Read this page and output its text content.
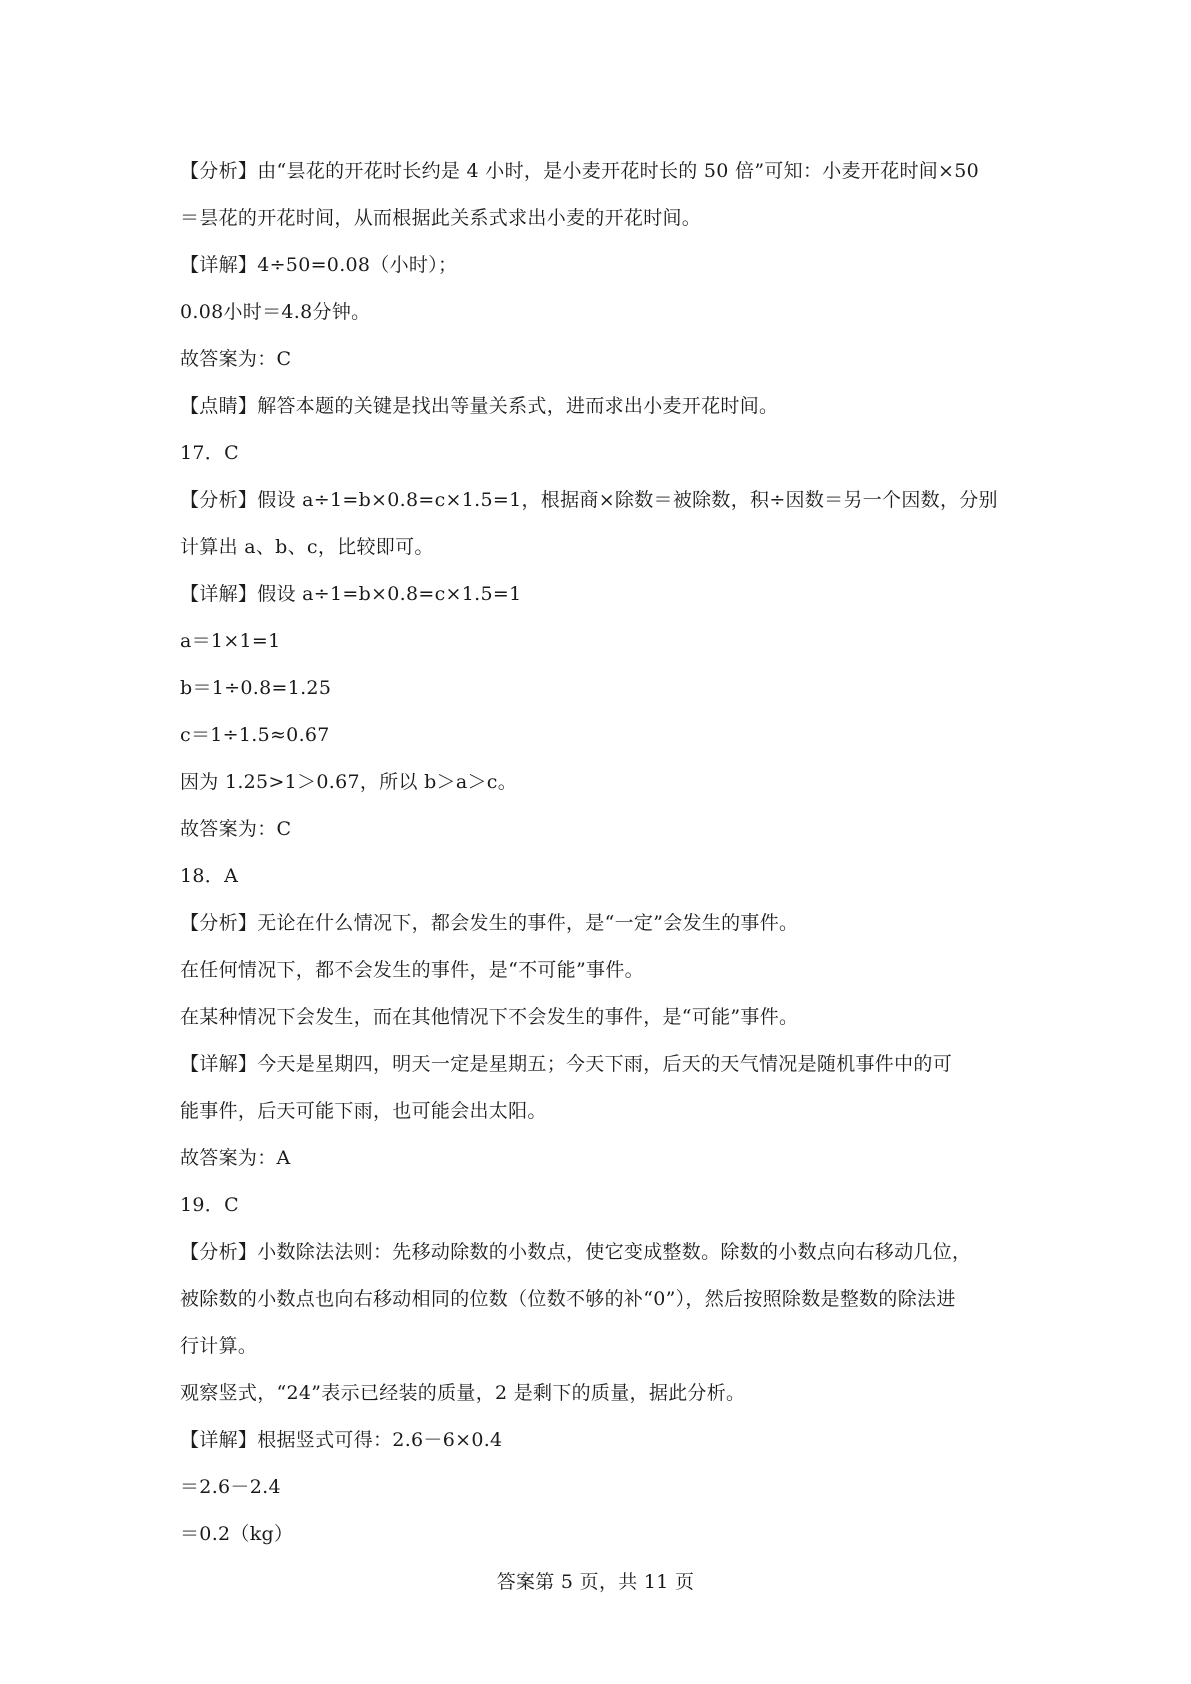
【分析】由“昙花的开花时长约是 4 小时，是小麦开花时长的 50 倍”可知：小麦开花时间×50
＝昙花的开花时间，从而根据此关系式求出小麦的开花时间。
【详解】4÷50=0.08（小时）；
0.08小时＝4.8分钟。
故答案为：C
【点睛】解答本题的关键是找出等量关系式，进而求出小麦开花时间。
17．C
【分析】假设 a÷1=b×0.8=c×1.5=1，根据商×除数＝被除数，积÷因数＝另一个因数，分别
计算出 a、b、c，比较即可。
【详解】假设 a÷1=b×0.8=c×1.5=1
a＝1×1=1
b＝1÷0.8=1.25
c＝1÷1.5≈0.67
因为 1.25>1＞0.67，所以 b＞a＞c。
故答案为：C
18．A
【分析】无论在什么情况下，都会发生的事件，是“一定”会发生的事件。
在任何情况下，都不会发生的事件，是“不可能”事件。
在某种情况下会发生，而在其他情况下不会发生的事件，是“可能”事件。
【详解】今天是星期四，明天一定是星期五；今天下雨，后天的天气情况是随机事件中的可
能事件，后天可能下雨，也可能会出太阳。
故答案为：A
19．C
【分析】小数除法法则：先移动除数的小数点，使它变成整数。除数的小数点向右移动几位，
被除数的小数点也向右移动相同的位数（位数不够的补“0”），然后按照除数是整数的除法进
行计算。
观察竖式，“24”表示已经装的质量，2 是剩下的质量，据此分析。
【详解】根据竖式可得：2.6－6×0.4
＝2.6－2.4
＝0.2（kg）
答案第 5 页，共 11 页
